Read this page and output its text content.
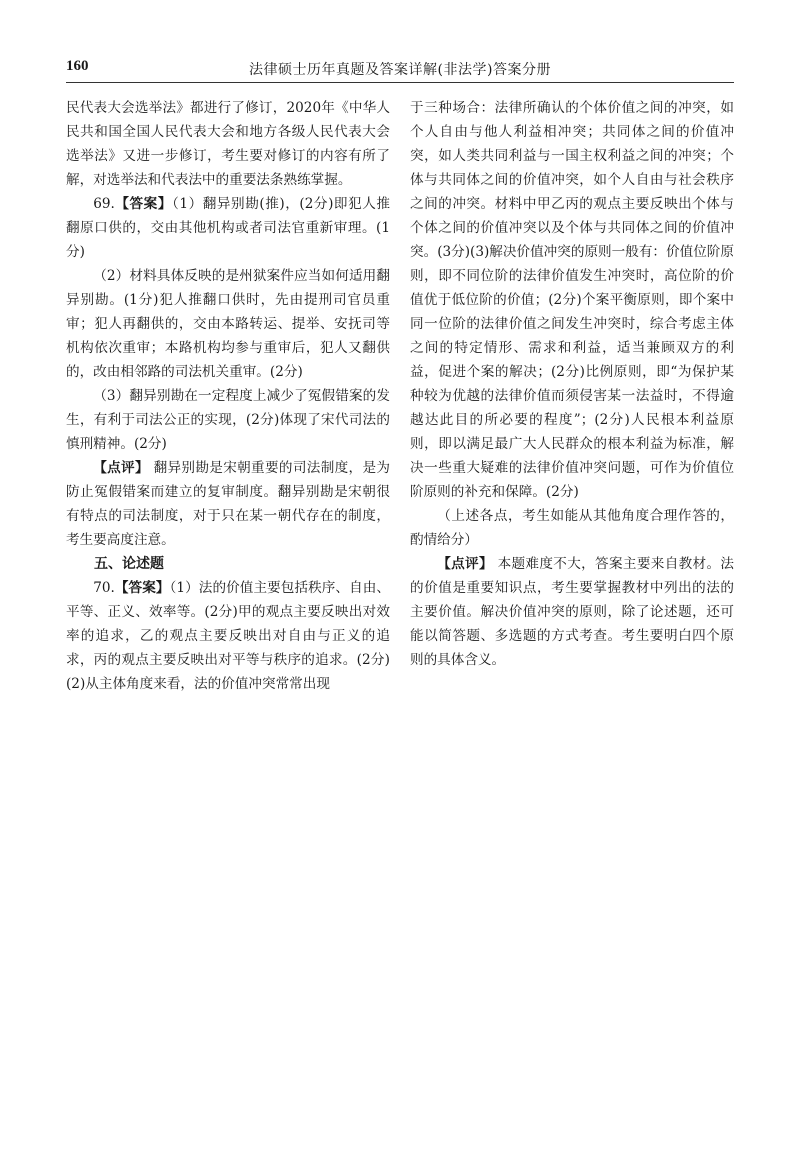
160	法律硕士历年真题及答案详解(非法学)答案分册

民代表大会选举法》都进行了修订，2020年《中华人民共和国全国人民代表大会和地方各级人民代表大会选举法》又进一步修订，考生要对修订的内容有所了解，对选举法和代表法中的重要法条熟练掌握。

69.【答案】（1）翻异别勘(推)，(2分)即犯人推翻原口供的，交由其他机构或者司法官重新审理。(1分)

（2）材料具体反映的是州狱案件应当如何适用翻异别勘。(1分)犯人推翻口供时，先由提刑司官员重审；犯人再翻供的，交由本路转运、提举、安抚司等机构依次重审；本路机构均参与重审后，犯人又翻供的，改由相邻路的司法机关重审。(2分)

（3）翻异别勘在一定程度上减少了冤假错案的发生，有利于司法公正的实现，(2分)体现了宋代司法的慎刑精神。(2分)

【点评】 翻异别勘是宋朝重要的司法制度，是为防止冤假错案而建立的复审制度。翻异别勘是宋朝很有特点的司法制度，对于只在某一朝代存在的制度，考生要高度注意。

五、论述题

70.【答案】（1）法的价值主要包括秩序、自由、平等、正义、效率等。(2分)甲的观点主要反映出对效率的追求，乙的观点主要反映出对自由与正义的追求，丙的观点主要反映出对平等与秩序的追求。(2分)(2)从主体角度来看，法的价值冲突常常出现

于三种场合：法律所确认的个体价值之间的冲突，如个人自由与他人利益相冲突；共同体之间的价值冲突，如人类共同利益与一国主权利益之间的冲突；个体与共同体之间的价值冲突，如个人自由与社会秩序之间的冲突。材料中甲乙丙的观点主要反映出个体与个体之间的价值冲突以及个体与共同体之间的价值冲突。(3分)(3)解决价值冲突的原则一般有：价值位阶原则，即不同位阶的法律价值发生冲突时，高位阶的价值优于低位阶的价值；(2分)个案平衡原则，即个案中同一位阶的法律价值之间发生冲突时，综合考虑主体之间的特定情形、需求和利益，适当兼顾双方的利益，促进个案的解决；(2分)比例原则，即“为保护某种较为优越的法律价值而须侵害某一法益时，不得逾越达此目的所必要的程度”；(2分)人民根本利益原则，即以满足最广大人民群众的根本利益为标准，解决一些重大疑难的法律价值冲突问题，可作为价值位阶原则的补充和保障。(2分)

（上述各点，考生如能从其他角度合理作答的，酌情给分）

【点评】 本题难度不大，答案主要来自教材。法的价值是重要知识点，考生要掌握教材中列出的法的主要价值。解决价值冲突的原则，除了论述题，还可能以简答题、多选题的方式考查。考生要明白四个原则的具体含义。
